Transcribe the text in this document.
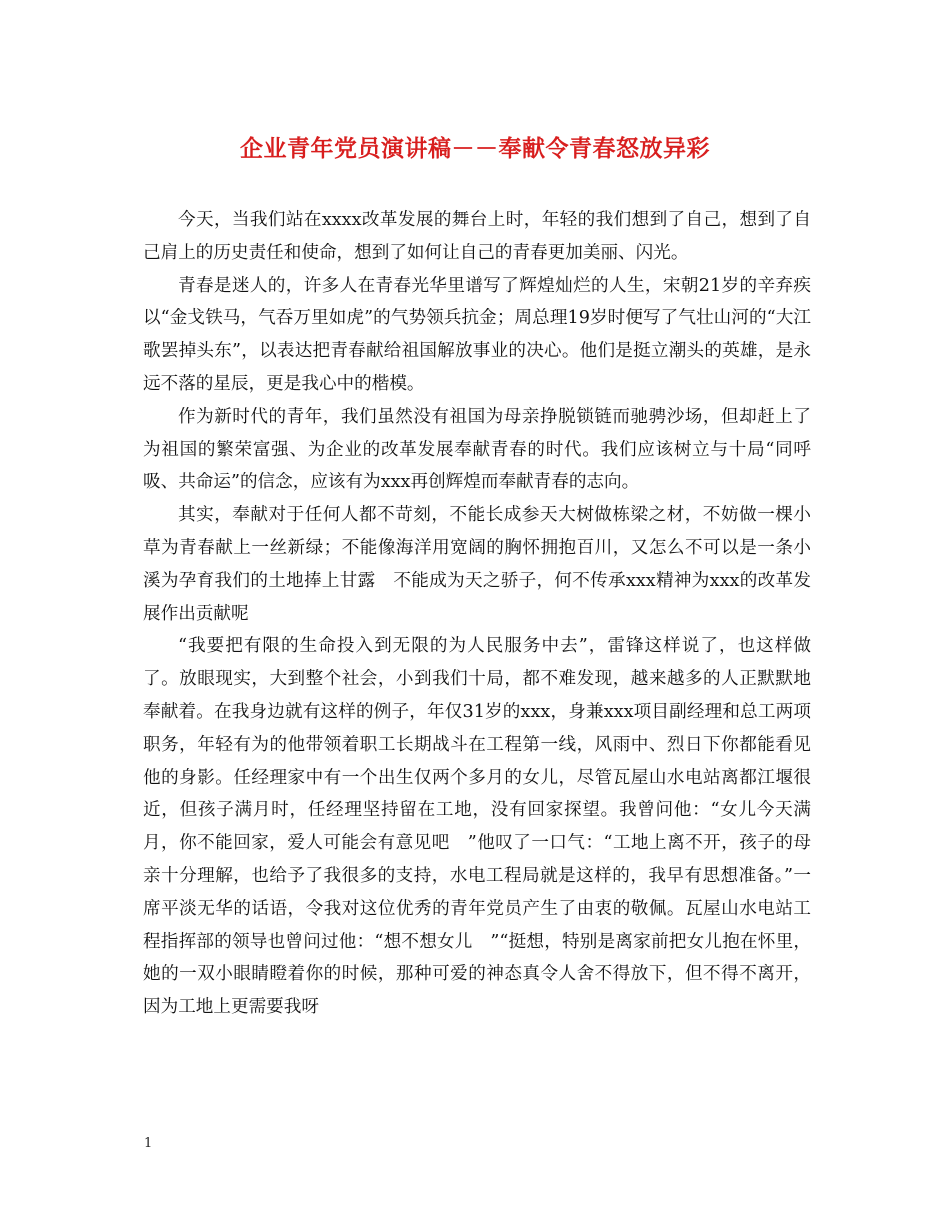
企业青年党员演讲稿－－奉献令青春怒放异彩

今天，当我们站在xxxx改革发展的舞台上时，年轻的我们想到了自己，想到了自己肩上的历史责任和使命，想到了如何让自己的青春更加美丽、闪光。

青春是迷人的，许多人在青春光华里谱写了辉煌灿烂的人生，宋朝21岁的辛弃疾以“金戈铁马，气吞万里如虎”的气势领兵抗金；周总理19岁时便写了气壮山河的“大江歌罢掉头东”，以表达把青春献给祖国解放事业的决心。他们是挺立潮头的英雄，是永远不落的星辰，更是我心中的楷模。

作为新时代的青年，我们虽然没有祖国为母亲挣脱锁链而驰骋沙场，但却赶上了为祖国的繁荣富强、为企业的改革发展奉献青春的时代。我们应该树立与十局“同呼吸、共命运”的信念，应该有为xxx再创辉煌而奉献青春的志向。

其实，奉献对于任何人都不苛刻，不能长成参天大树做栋梁之材，不妨做一棵小草为青春献上一丝新绿；不能像海洋用宽阔的胸怀拥抱百川，又怎么不可以是一条小溪为孕育我们的土地捧上甘露　不能成为天之骄子，何不传承xxx精神为xxx的改革发展作出贡献呢

“我要把有限的生命投入到无限的为人民服务中去”，雷锋这样说了，也这样做了。放眼现实，大到整个社会，小到我们十局，都不难发现，越来越多的人正默默地奉献着。在我身边就有这样的例子，年仅31岁的xxx，身兼xxx项目副经理和总工两项职务，年轻有为的他带领着职工长期战斗在工程第一线，风雨中、烈日下你都能看见他的身影。任经理家中有一个出生仅两个多月的女儿，尽管瓦屋山水电站离都江堰很近，但孩子满月时，任经理坚持留在工地，没有回家探望。我曾问他：“女儿今天满月，你不能回家，爱人可能会有意见吧　”他叹了一口气：“工地上离不开，孩子的母亲十分理解，也给予了我很多的支持，水电工程局就是这样的，我早有思想准备。”一席平淡无华的话语，令我对这位优秀的青年党员产生了由衷的敬佩。瓦屋山水电站工程指挥部的领导也曾问过他：“想不想女儿　”“挺想，特别是离家前把女儿抱在怀里，她的一双小眼睛瞪着你的时候，那种可爱的神态真令人舍不得放下，但不得不离开，因为工地上更需要我呀

1
